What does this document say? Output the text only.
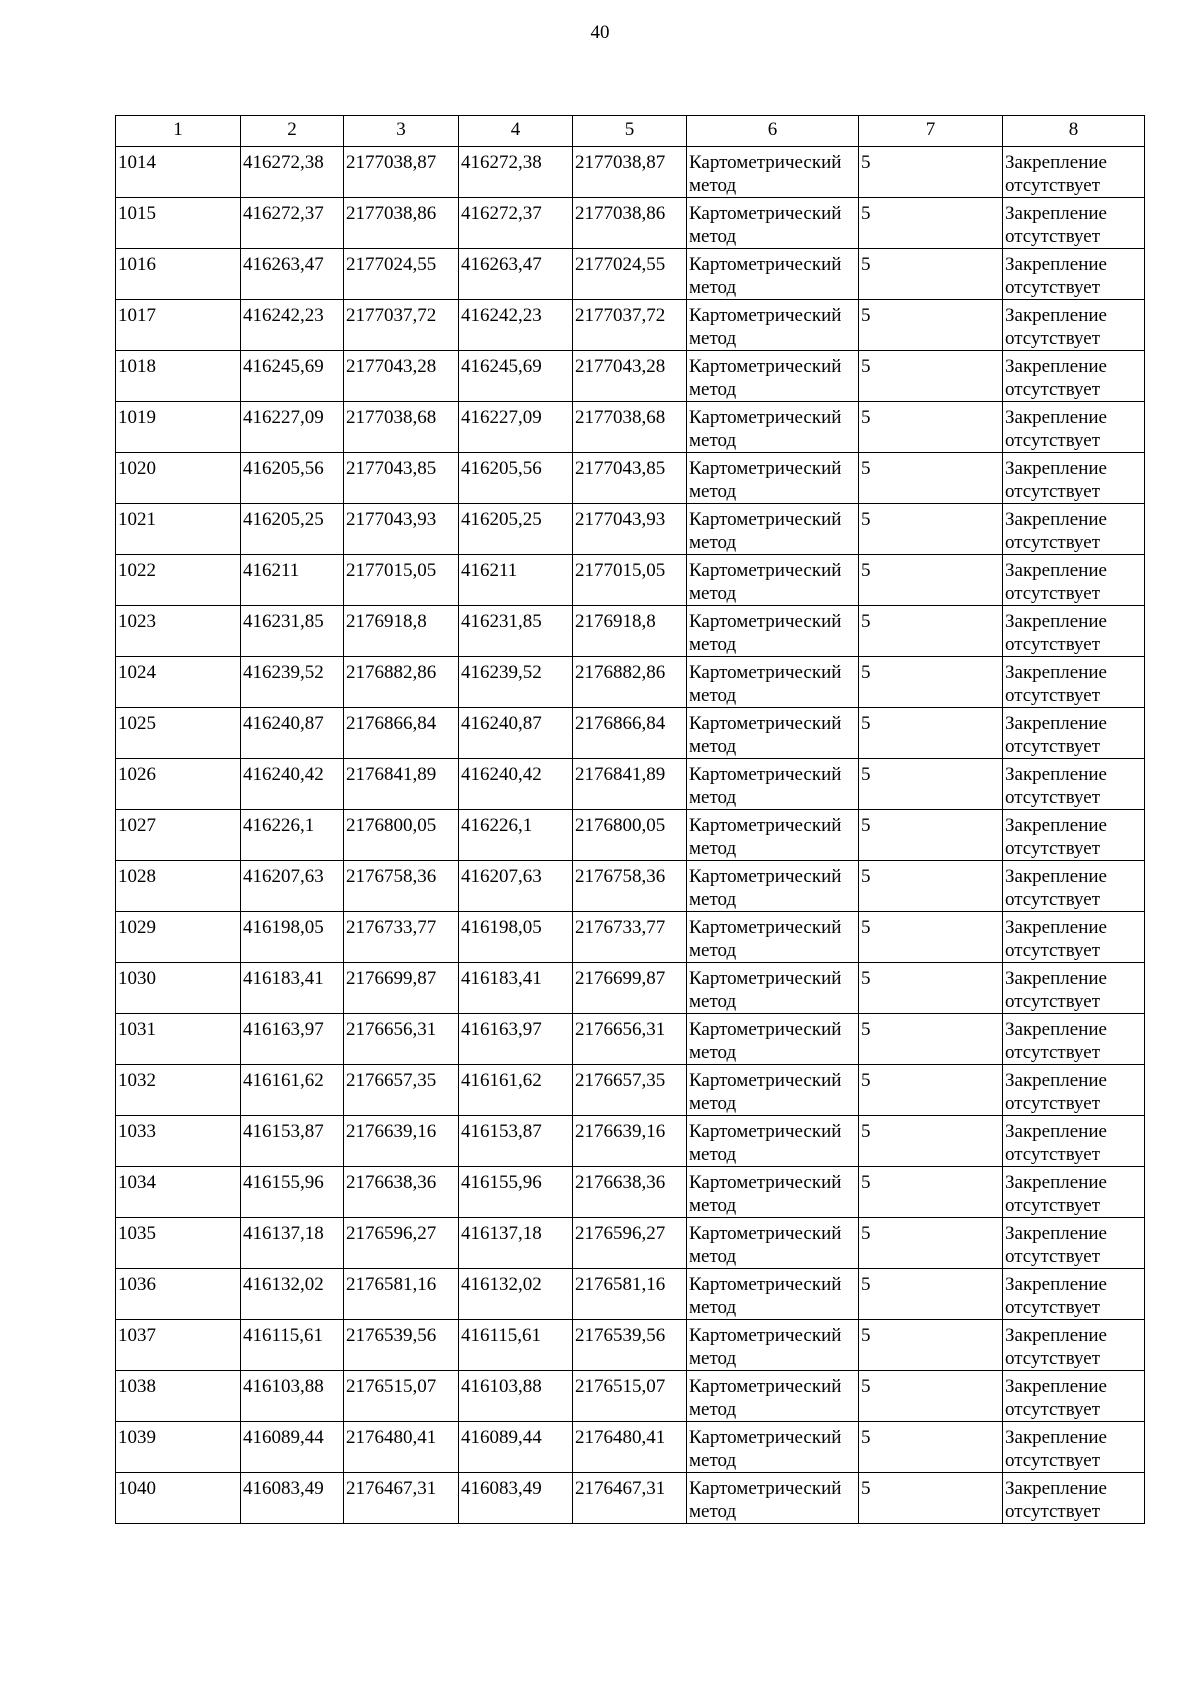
40
1	2	3	4	5	6	7	8
1014	416272,38	2177038,87	416272,38	2177038,87	Картометрический метод	5	Закрепление отсутствует
1015	416272,37	2177038,86	416272,37	2177038,86	Картометрический метод	5	Закрепление отсутствует
1016	416263,47	2177024,55	416263,47	2177024,55	Картометрический метод	5	Закрепление отсутствует
1017	416242,23	2177037,72	416242,23	2177037,72	Картометрический метод	5	Закрепление отсутствует
1018	416245,69	2177043,28	416245,69	2177043,28	Картометрический метод	5	Закрепление отсутствует
1019	416227,09	2177038,68	416227,09	2177038,68	Картометрический метод	5	Закрепление отсутствует
1020	416205,56	2177043,85	416205,56	2177043,85	Картометрический метод	5	Закрепление отсутствует
1021	416205,25	2177043,93	416205,25	2177043,93	Картометрический метод	5	Закрепление отсутствует
1022	416211	2177015,05	416211	2177015,05	Картометрический метод	5	Закрепление отсутствует
1023	416231,85	2176918,8	416231,85	2176918,8	Картометрический метод	5	Закрепление отсутствует
1024	416239,52	2176882,86	416239,52	2176882,86	Картометрический метод	5	Закрепление отсутствует
1025	416240,87	2176866,84	416240,87	2176866,84	Картометрический метод	5	Закрепление отсутствует
1026	416240,42	2176841,89	416240,42	2176841,89	Картометрический метод	5	Закрепление отсутствует
1027	416226,1	2176800,05	416226,1	2176800,05	Картометрический метод	5	Закрепление отсутствует
1028	416207,63	2176758,36	416207,63	2176758,36	Картометрический метод	5	Закрепление отсутствует
1029	416198,05	2176733,77	416198,05	2176733,77	Картометрический метод	5	Закрепление отсутствует
1030	416183,41	2176699,87	416183,41	2176699,87	Картометрический метод	5	Закрепление отсутствует
1031	416163,97	2176656,31	416163,97	2176656,31	Картометрический метод	5	Закрепление отсутствует
1032	416161,62	2176657,35	416161,62	2176657,35	Картометрический метод	5	Закрепление отсутствует
1033	416153,87	2176639,16	416153,87	2176639,16	Картометрический метод	5	Закрепление отсутствует
1034	416155,96	2176638,36	416155,96	2176638,36	Картометрический метод	5	Закрепление отсутствует
1035	416137,18	2176596,27	416137,18	2176596,27	Картометрический метод	5	Закрепление отсутствует
1036	416132,02	2176581,16	416132,02	2176581,16	Картометрический метод	5	Закрепление отсутствует
1037	416115,61	2176539,56	416115,61	2176539,56	Картометрический метод	5	Закрепление отсутствует
1038	416103,88	2176515,07	416103,88	2176515,07	Картометрический метод	5	Закрепление отсутствует
1039	416089,44	2176480,41	416089,44	2176480,41	Картометрический метод	5	Закрепление отсутствует
1040	416083,49	2176467,31	416083,49	2176467,31	Картометрический метод	5	Закрепление отсутствует
